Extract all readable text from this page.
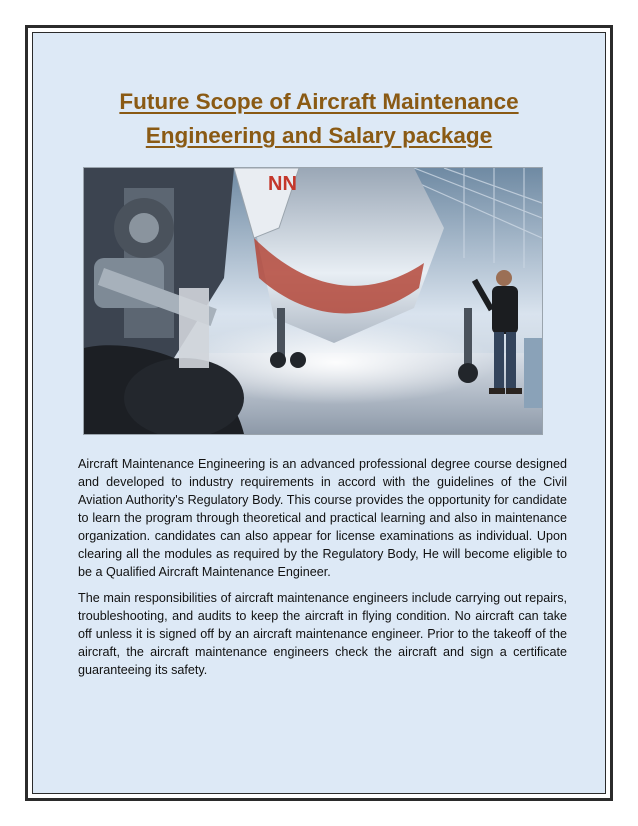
Future Scope of Aircraft Maintenance
Engineering and Salary package
NN

Aircraft Maintenance Engineering is an advanced professional degree course designed and developed to industry requirements in accord with the guidelines of the Civil Aviation Authority's Regulatory Body. This course provides the opportunity for candidate to learn the program through theoretical and practical learning and also in maintenance organization. candidates can also appear for license examinations as individual. Upon clearing all the modules as required by the Regulatory Body, He will become eligible to be a Qualified Aircraft Maintenance Engineer.

The main responsibilities of aircraft maintenance engineers include carrying out repairs, troubleshooting, and audits to keep the aircraft in flying condition. No aircraft can take off unless it is signed off by an aircraft maintenance engineer. Prior to the takeoff of the aircraft, the aircraft maintenance engineers check the aircraft and sign a certificate guaranteeing its safety.
